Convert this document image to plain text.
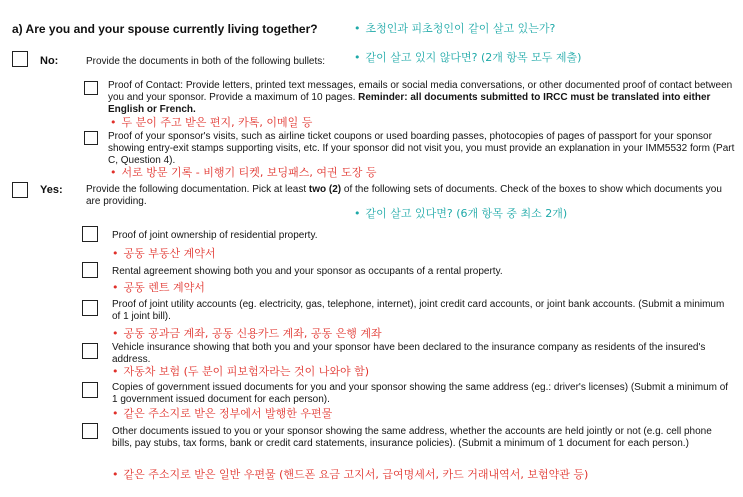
a) Are you and your spouse currently living together?	• 초청인과 피초청인이 같이 살고 있는가?
No:	Provide the documents in both of the following bullets:	• 같이 살고 있지 않다면? (2개 항목 모두 제출)
Proof of Contact: Provide letters, printed text messages, emails or social media conversations, or other documented proof of contact between you and your sponsor. Provide a maximum of 10 pages. Reminder: all documents submitted to IRCC must be translated into either English or French.
• 두 분이 주고 받은 편지, 카톡, 이메일 등
Proof of your sponsor's visits, such as airline ticket coupons or used boarding passes, photocopies of pages of passport for your sponsor showing entry-exit stamps supporting visits, etc. If your sponsor did not visit you, you must provide an explanation in your IMM5532 form (Part C, Question 4).
• 서로 방문 기록 - 비행기 티켓, 보딩패스, 여권 도장 등
Yes: Provide the following documentation. Pick at least two (2) of the following sets of documents. Check of the boxes to show which documents you are providing.
• 같이 살고 있다면? (6개 항목 중 최소 2개)
Proof of joint ownership of residential property.
• 공동 부동산 계약서
Rental agreement showing both you and your sponsor as occupants of a rental property.
• 공동 렌트 계약서
Proof of joint utility accounts (eg. electricity, gas, telephone, internet), joint credit card accounts, or joint bank accounts. (Submit a minimum of 1 joint bill).
• 공동 공과금 계좌, 공동 신용카드 계좌, 공동 은행 계좌
Vehicle insurance showing that both you and your sponsor have been declared to the insurance company as residents of the insured's address.
• 자동차 보험 (두 분이 피보험자라는 것이 나와야 함)
Copies of government issued documents for you and your sponsor showing the same address (eg.: driver's licenses) (Submit a minimum of 1 government issued document for each person).
• 같은 주소지로 받은 정부에서 발행한 우편물
Other documents issued to you or your sponsor showing the same address, whether the accounts are held jointly or not (e.g. cell phone bills, pay stubs, tax forms, bank or credit card statements, insurance policies). (Submit a minimum of 1 document for each person.)
• 같은 주소지로 받은 일반 우편물 (핸드폰 요금 고지서, 급여명세서, 카드 거래내역서, 보험약관 등)
